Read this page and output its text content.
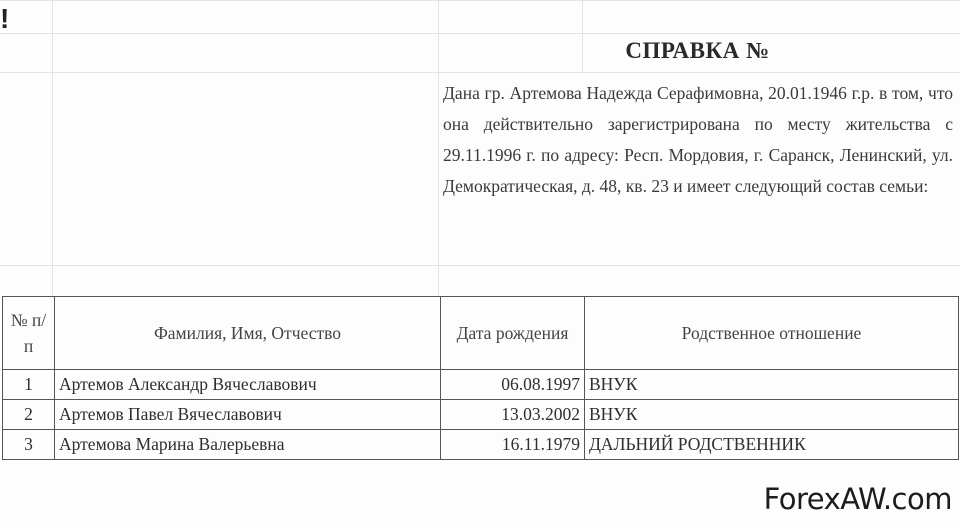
!
СПРАВКА №
Дана гр. Артемова Надежда Серафимовна, 20.01.1946 г.р. в том, что она действительно зарегистрирована по месту жительства с 29.11.1996 г. по адресу: Респ. Мордовия, г. Саранск, Ленинский, ул. Демократическая, д. 48, кв. 23 и имеет следующий состав семьи:
№ п/п	Фамилия, Имя, Отчество	Дата рождения	Родственное отношение
1	Артемов Александр Вячеславович	06.08.1997	ВНУК
2	Артемов Павел Вячеславович	13.03.2002	ВНУК
3	Артемова Марина Валерьевна	16.11.1979	ДАЛЬНИЙ РОДСТВЕННИК
ForexAW.com
